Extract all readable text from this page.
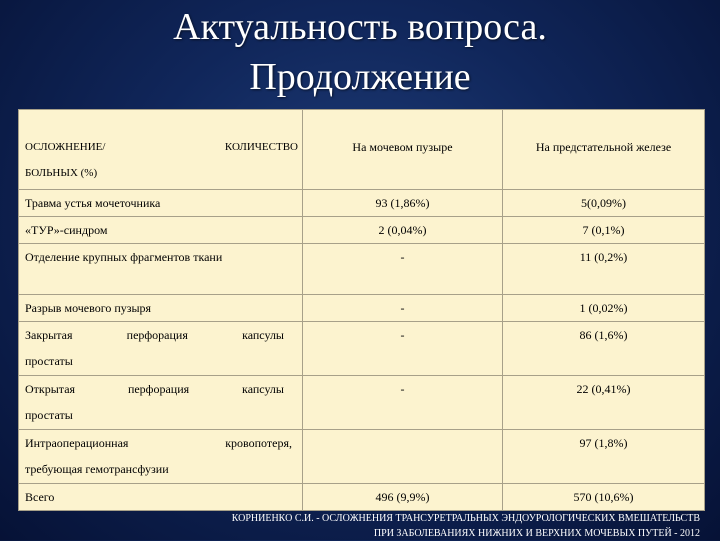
Актуальность вопроса.
Продолжение
ОСЛОЖНЕНИЕ/ КОЛИЧЕСТВО
БОЛЬНЫХ (%)	На мочевом пузыре	На предстательной железе
Травма устья мочеточника	93 (1,86%)	5(0,09%)
«ТУР»-синдром	2 (0,04%)	7 (0,1%)
Отделение крупных фрагментов ткани	-	11 (0,2%)
Разрыв мочевого пузыря	-	1 (0,02%)

Закрытая перфорация капсулы
простаты	-	86 (1,6%)

Открытая перфорация капсулы
простаты	-	22 (0,41%)

Интраоперационная кровопотеря,
требующая гемотрансфузии		97 (1,8%)
Всего	496 (9,9%)	570 (10,6%)
КОРНИЕНКО С.И. - ОСЛОЖНЕНИЯ ТРАНСУРЕТРАЛЬНЫХ ЭНДОУРОЛОГИЧЕСКИХ ВМЕШАТЕЛЬСТВ
ПРИ ЗАБОЛЕВАНИЯХ НИЖНИХ И ВЕРХНИХ МОЧЕВЫХ ПУТЕЙ - 2012
